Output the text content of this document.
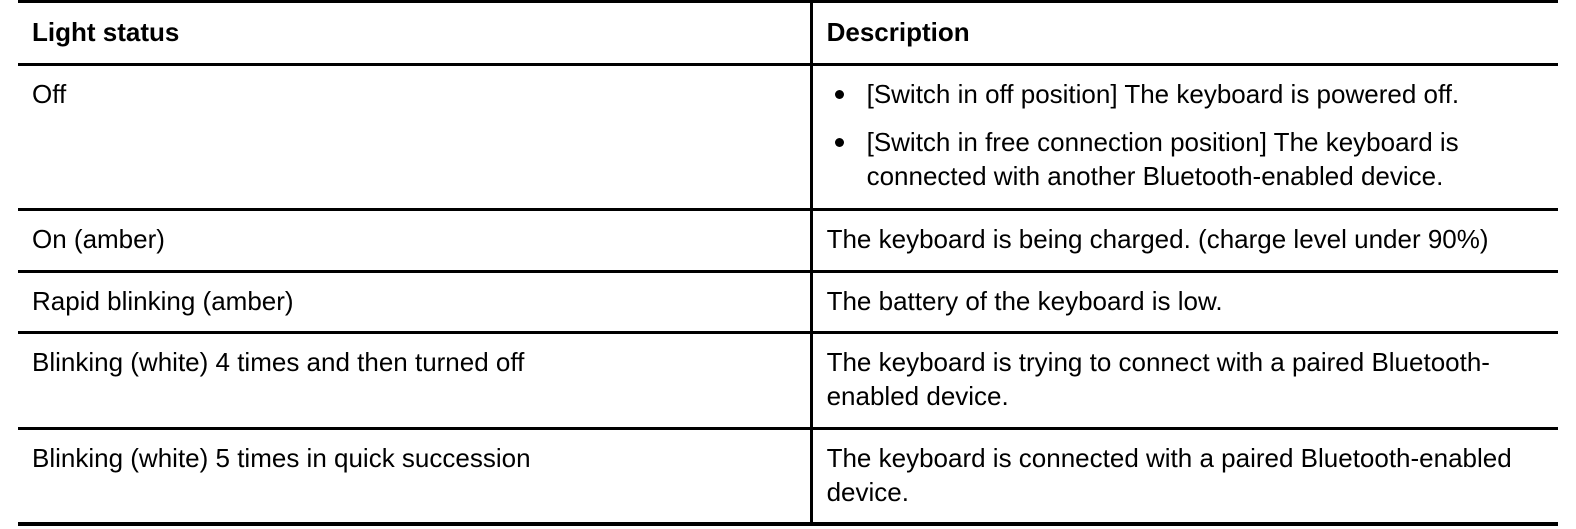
Light status	Description
Off	[Switch in off position] The keyboard is powered off.
[Switch in free connection position] The keyboard is connected with another Bluetooth-enabled device.

On (amber)	The keyboard is being charged. (charge level under 90%)

Rapid blinking (amber)	The battery of the keyboard is low.

Blinking (white) 4 times and then turned off	The keyboard is trying to connect with a paired Bluetooth-enabled device.

Blinking (white) 5 times in quick succession	The keyboard is connected with a paired Bluetooth-enabled device.
